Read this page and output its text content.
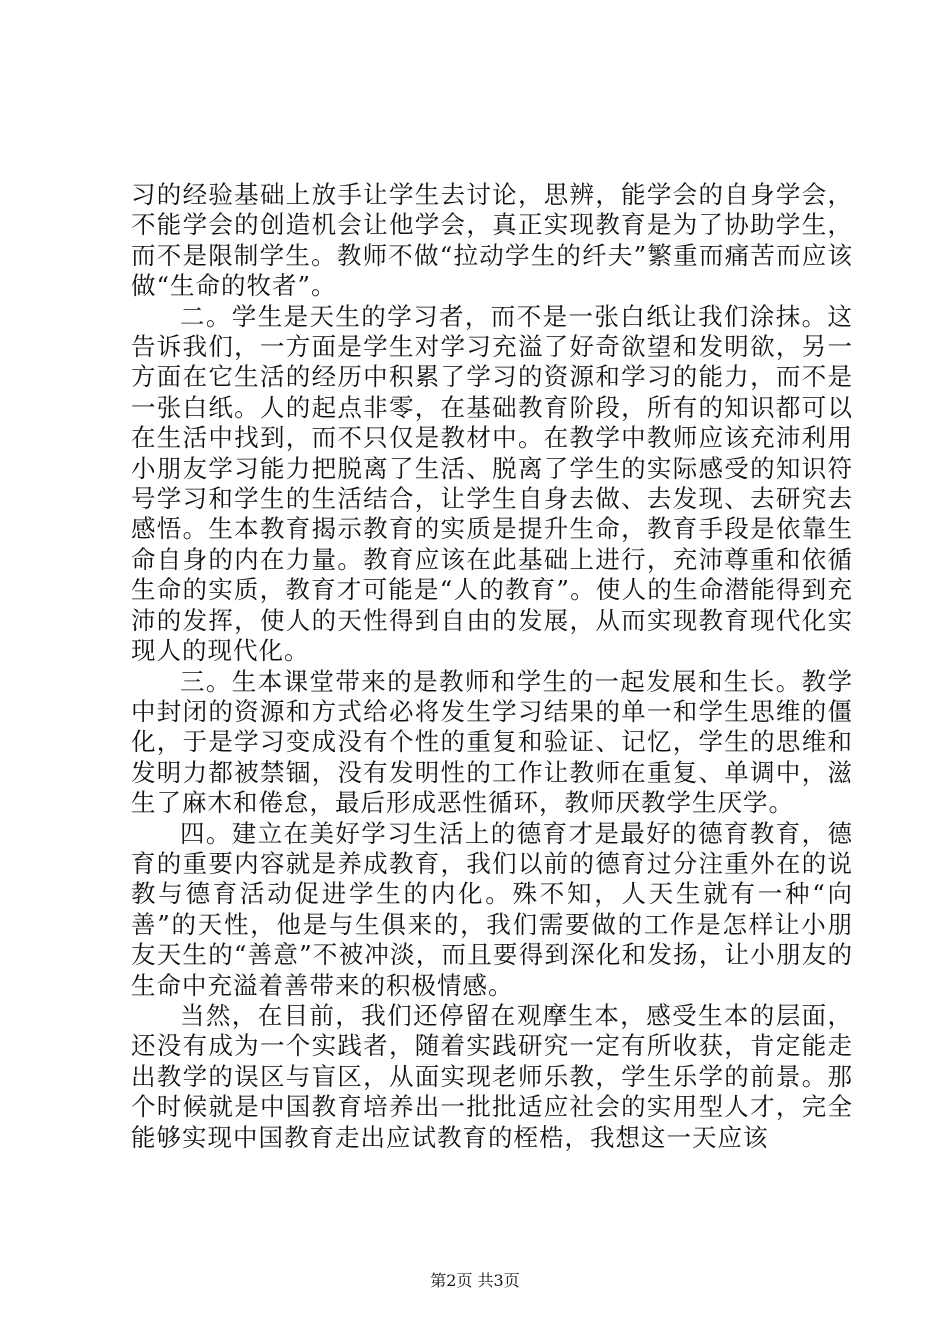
习的经验基础上放手让学生去讨论，思辨，能学会的自身学会，不能学会的创造机会让他学会，真正实现教育是为了协助学生，而不是限制学生。教师不做“拉动学生的纤夫”繁重而痛苦而应该做“生命的牧者”。

二。学生是天生的学习者，而不是一张白纸让我们涂抹。这告诉我们，一方面是学生对学习充溢了好奇欲望和发明欲，另一方面在它生活的经历中积累了学习的资源和学习的能力，而不是一张白纸。人的起点非零，在基础教育阶段，所有的知识都可以在生活中找到，而不只仅是教材中。在教学中教师应该充沛利用小朋友学习能力把脱离了生活、脱离了学生的实际感受的知识符号学习和学生的生活结合，让学生自身去做、去发现、去研究去感悟。生本教育揭示教育的实质是提升生命，教育手段是依靠生命自身的内在力量。教育应该在此基础上进行，充沛尊重和依循生命的实质，教育才可能是“人的教育”。使人的生命潜能得到充沛的发挥，使人的天性得到自由的发展，从而实现教育现代化实现人的现代化。

三。生本课堂带来的是教师和学生的一起发展和生长。教学中封闭的资源和方式给必将发生学习结果的单一和学生思维的僵化，于是学习变成没有个性的重复和验证、记忆，学生的思维和发明力都被禁锢，没有发明性的工作让教师在重复、单调中，滋生了麻木和倦怠，最后形成恶性循环，教师厌教学生厌学。

四。建立在美好学习生活上的德育才是最好的德育教育，德育的重要内容就是养成教育，我们以前的德育过分注重外在的说教与德育活动促进学生的内化。殊不知，人天生就有一种“向善”的天性，他是与生俱来的，我们需要做的工作是怎样让小朋友天生的“善意”不被冲淡，而且要得到深化和发扬，让小朋友的生命中充溢着善带来的积极情感。

当然，在目前，我们还停留在观摩生本，感受生本的层面，还没有成为一个实践者，随着实践研究一定有所收获，肯定能走出教学的误区与盲区，从面实现老师乐教，学生乐学的前景。那个时候就是中国教育培养出一批批适应社会的实用型人才，完全能够实现中国教育走出应试教育的桎梏，我想这一天应该

第2页 共3页
